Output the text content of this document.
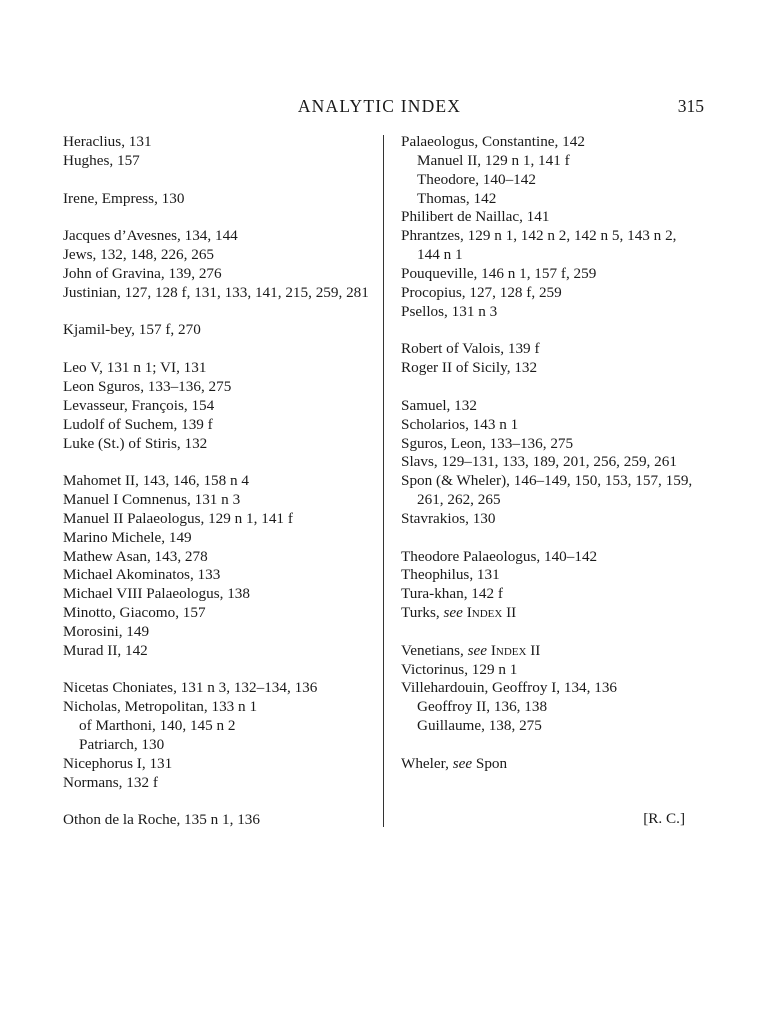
ANALYTIC INDEX	315
Heraclius, 131
Hughes, 157
Irene, Empress, 130
Jacques d’Avesnes, 134, 144
Jews, 132, 148, 226, 265
John of Gravina, 139, 276
Justinian, 127, 128 f, 131, 133, 141, 215, 259, 281
Kjamil-bey, 157 f, 270
Leo V, 131 n 1; VI, 131
Leon Sguros, 133–136, 275
Levasseur, François, 154
Ludolf of Suchem, 139 f
Luke (St.) of Stiris, 132
Mahomet II, 143, 146, 158 n 4
Manuel I Comnenus, 131 n 3
Manuel II Palaeologus, 129 n 1, 141 f
Marino Michele, 149
Mathew Asan, 143, 278
Michael Akominatos, 133
Michael VIII Palaeologus, 138
Minotto, Giacomo, 157
Morosini, 149
Murad II, 142
Nicetas Choniates, 131 n 3, 132–134, 136
Nicholas, Metropolitan, 133 n 1
of Marthoni, 140, 145 n 2
Patriarch, 130
Nicephorus I, 131
Normans, 132 f
Othon de la Roche, 135 n 1, 136
Palaeologus, Constantine, 142
Manuel II, 129 n 1, 141 f
Theodore, 140–142
Thomas, 142
Philibert de Naillac, 141
Phrantzes, 129 n 1, 142 n 2, 142 n 5, 143 n 2,
144 n 1
Pouqueville, 146 n 1, 157 f, 259
Procopius, 127, 128 f, 259
Psellos, 131 n 3
Robert of Valois, 139 f
Roger II of Sicily, 132
Samuel, 132
Scholarios, 143 n 1
Sguros, Leon, 133–136, 275
Slavs, 129–131, 133, 189, 201, 256, 259, 261
Spon (& Wheler), 146–149, 150, 153, 157, 159,
261, 262, 265
Stavrakios, 130
Theodore Palaeologus, 140–142
Theophilus, 131
Tura-khan, 142 f
Turks, see Index II
Venetians, see Index II
Victorinus, 129 n 1
Villehardouin, Geoffroy I, 134, 136
Geoffroy II, 136, 138
Guillaume, 138, 275
Wheler, see Spon
[R. C.]
